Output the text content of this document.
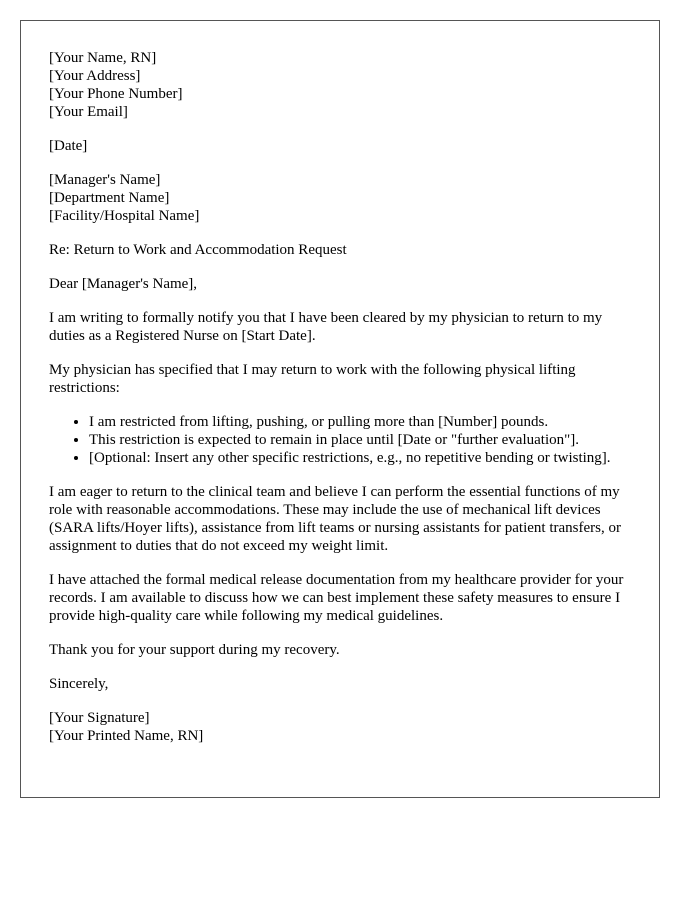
[Your Name, RN]
[Your Address]
[Your Phone Number]
[Your Email]
[Date]
[Manager's Name]
[Department Name]
[Facility/Hospital Name]

Re: Return to Work and Accommodation Request

Dear [Manager's Name],

I am writing to formally notify you that I have been cleared by my physician to return to my duties as a Registered Nurse on [Start Date].

My physician has specified that I may return to work with the following physical lifting restrictions:

• I am restricted from lifting, pushing, or pulling more than [Number] pounds.
• This restriction is expected to remain in place until [Date or "further evaluation"].
• [Optional: Insert any other specific restrictions, e.g., no repetitive bending or twisting].

I am eager to return to the clinical team and believe I can perform the essential functions of my role with reasonable accommodations. These may include the use of mechanical lift devices (SARA lifts/Hoyer lifts), assistance from lift teams or nursing assistants for patient transfers, or assignment to duties that do not exceed my weight limit.

I have attached the formal medical release documentation from my healthcare provider for your records. I am available to discuss how we can best implement these safety measures to ensure I provide high-quality care while following my medical guidelines.

Thank you for your support during my recovery.

Sincerely,

[Your Signature]
[Your Printed Name, RN]
